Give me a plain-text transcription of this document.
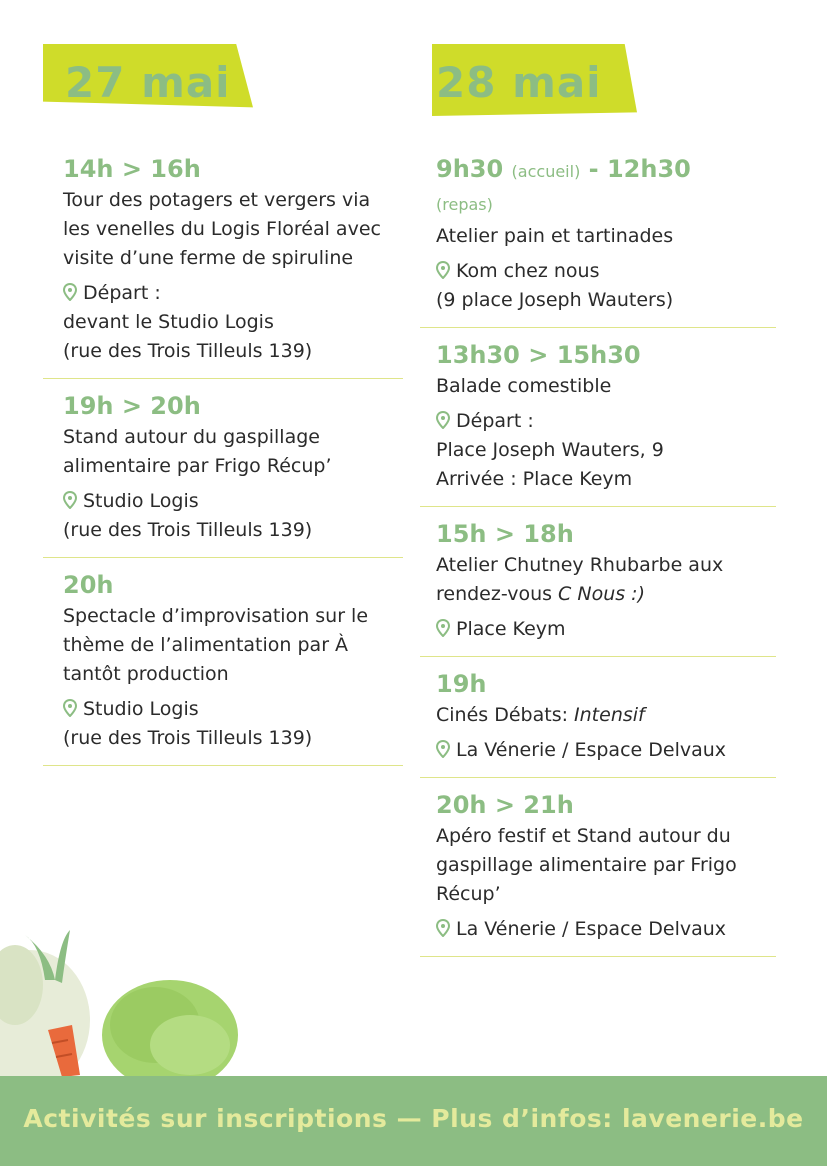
27 mai
14h > 16h
Tour des potagers et vergers via les venelles du Logis Floréal avec visite d’une ferme de spiruline
Départ :
devant le Studio Logis
(rue des Trois Tilleuls 139)
19h > 20h
Stand autour du gaspillage alimentaire par Frigo Récup’
Studio Logis
(rue des Trois Tilleuls 139)
20h
Spectacle d’improvisation sur le thème de l’alimentation par À tantôt production
Studio Logis
(rue des Trois Tilleuls 139)
28 mai
9h30 (accueil) - 12h30 (repas)
Atelier pain et tartinades
Kom chez nous
(9 place Joseph Wauters)
13h30 > 15h30
Balade comestible
Départ :
Place Joseph Wauters, 9
Arrivée : Place Keym
15h > 18h
Atelier Chutney Rhubarbe aux rendez-vous C Nous :)
Place Keym
19h
Cinés Débats: Intensif
La Vénerie / Espace Delvaux
20h > 21h
Apéro festif et Stand autour du gaspillage alimentaire par Frigo Récup’
La Vénerie / Espace Delvaux
Activités sur inscriptions — Plus d’infos: lavenerie.be
